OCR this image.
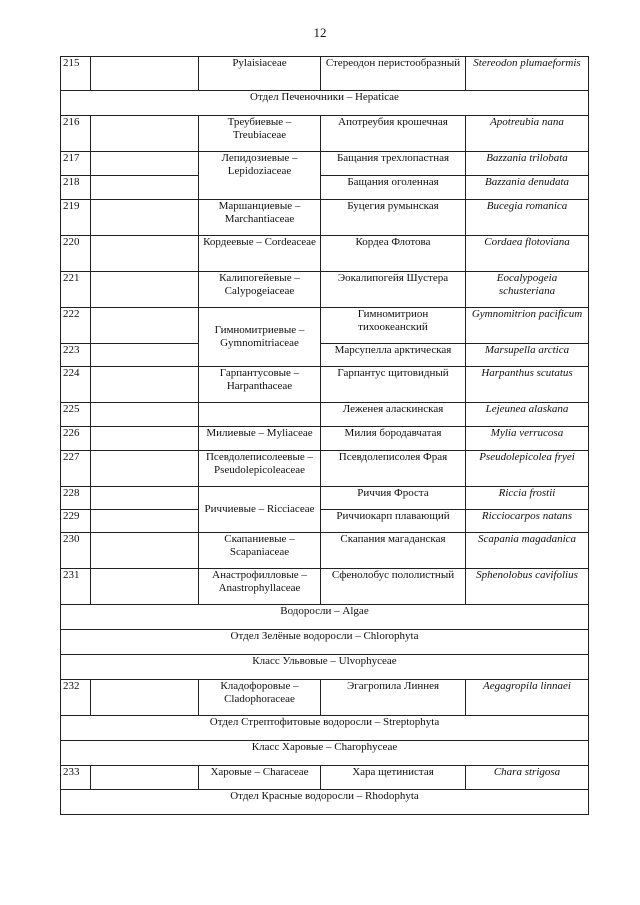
12
215		Pylaisiaceae	Стереодон перистообразный	Stereodon plumaeformis
Отдел Печеночники – Hepaticae				
216		Треубиевые – Treubiaceae	Апотреубия крошечная	Apotreubia nana
217		Лепидозиевые – Lepidoziaceae	Бащания трехлопастная	Bazzania trilobata
218			Бащания оголенная	Bazzania denudata
219		Маршанциевые – Marchantiaceae	Буцегия румынская	Bucegia romanica
220		Кордеевые – Cordeaceae	Кордеа Флотова	Cordaea flotoviana
221		Калипогейевые – Calypogeiaceae	Эокалипогейя Шустера	Eocalypogeia schusteriana
222		Гимномитриевые – Gymnomitriaceae	Гимномитрион тихоокеанский	Gymnomitrion pacificum
223			Марсупелла арктическая	Marsupella arctica
224		Гарпантусовые – Harpanthaceae	Гарпантус щитовидный	Harpanthus scutatus
225			Леженея аласкинская	Lejeunea alaskana
226		Милиевые – Myliaceae	Милия бородавчатая	Mylia verrucosa
227		Псевдолеписолеевые – Pseudolepicoleaceae	Псевдолеписолея Фрая	Pseudolepicolea fryei
228		Риччиевые – Ricciaceae	Риччия Фроста	Riccia frostii
229			Риччиокарп плавающий	Ricciocarpos natans
230		Скапаниевые – Scapaniaceae	Скапания магаданская	Scapania magadanica
231		Анастрофилловые – Anastrophyllaceae	Сфенолобус пололистный	Sphenolobus cavifolius
Водоросли – Algae				
Отдел Зелёные водоросли – Chlorophyta				
Класс Ульвовые – Ulvophyceae				
232		Кладофоровые – Cladophoraceae	Эгагропила Линнея	Aegagropila linnaei
Отдел Стрептофитовые водоросли – Streptophyta				
Класс Харовые – Charophyceae				
233		Харовые – Characeae	Хара щетинистая	Chara strigosa
Отдел Красные водоросли – Rhodophyta				
